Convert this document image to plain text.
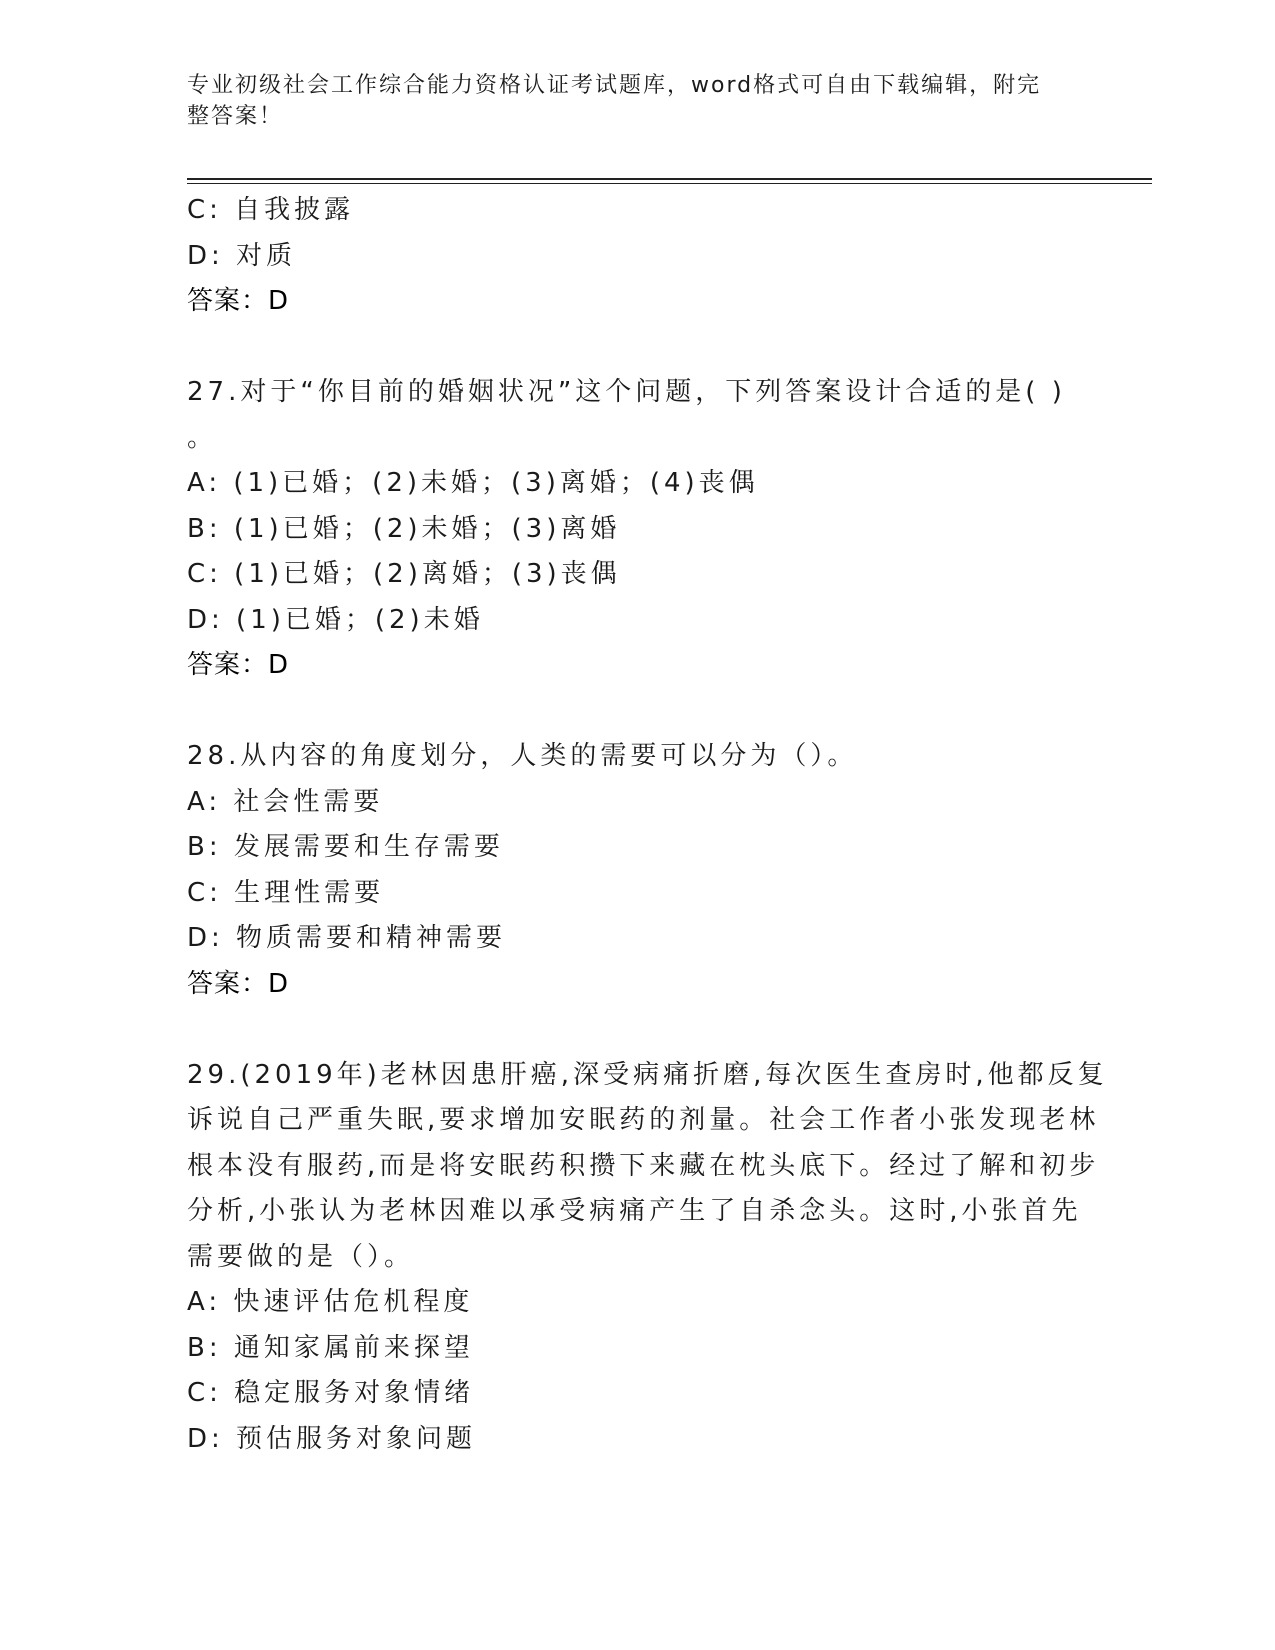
专业初级社会工作综合能力资格认证考试题库，word格式可自由下载编辑，附完
整答案！
C: 自我披露
D: 对质
答案：D
27.对于“你目前的婚姻状况”这个问题，下列答案设计合适的是( )
。
A: (1)已婚；(2)未婚；(3)离婚；(4)丧偶
B: (1)已婚；(2)未婚；(3)离婚
C: (1)已婚；(2)离婚；(3)丧偶
D: (1)已婚；(2)未婚
答案：D
28.从内容的角度划分，人类的需要可以分为（）。
A: 社会性需要
B: 发展需要和生存需要
C: 生理性需要
D: 物质需要和精神需要
答案：D
29.(2019年)老林因患肝癌,深受病痛折磨,每次医生查房时,他都反复
诉说自己严重失眠,要求增加安眠药的剂量。社会工作者小张发现老林
根本没有服药,而是将安眠药积攒下来藏在枕头底下。经过了解和初步
分析,小张认为老林因难以承受病痛产生了自杀念头。这时,小张首先
需要做的是（）。
A: 快速评估危机程度
B: 通知家属前来探望
C: 稳定服务对象情绪
D: 预估服务对象问题
